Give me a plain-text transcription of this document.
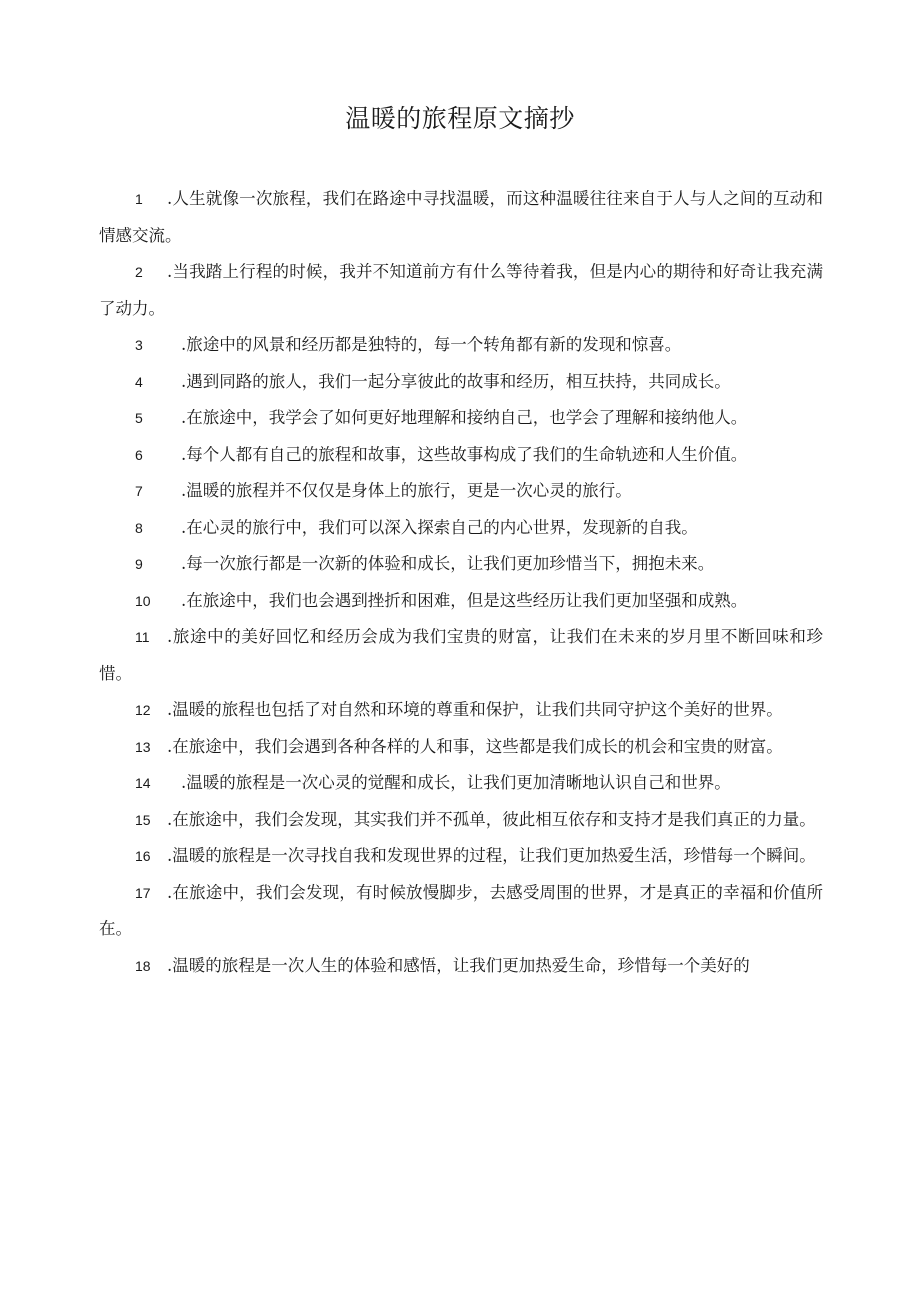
温暖的旅程原文摘抄

1 .人生就像一次旅程，我们在路途中寻找温暖，而这种温暖往往来自于人与人之间的互动和情感交流。

2 .当我踏上行程的时候，我并不知道前方有什么等待着我，但是内心的期待和好奇让我充满了动力。

3 .旅途中的风景和经历都是独特的，每一个转角都有新的发现和惊喜。

4 .遇到同路的旅人，我们一起分享彼此的故事和经历，相互扶持，共同成长。

5 .在旅途中，我学会了如何更好地理解和接纳自己，也学会了理解和接纳他人。

6 .每个人都有自己的旅程和故事，这些故事构成了我们的生命轨迹和人生价值。

7 .温暖的旅程并不仅仅是身体上的旅行，更是一次心灵的旅行。

8 .在心灵的旅行中，我们可以深入探索自己的内心世界，发现新的自我。

9 .每一次旅行都是一次新的体验和成长，让我们更加珍惜当下，拥抱未来。

10 .在旅途中，我们也会遇到挫折和困难，但是这些经历让我们更加坚强和成熟。

11 .旅途中的美好回忆和经历会成为我们宝贵的财富，让我们在未来的岁月里不断回味和珍惜。

12 .温暖的旅程也包括了对自然和环境的尊重和保护，让我们共同守护这个美好的世界。

13 .在旅途中，我们会遇到各种各样的人和事，这些都是我们成长的机会和宝贵的财富。

14 .温暖的旅程是一次心灵的觉醒和成长，让我们更加清晰地认识自己和世界。

15 .在旅途中，我们会发现，其实我们并不孤单，彼此相互依存和支持才是我们真正的力量。

16 .温暖的旅程是一次寻找自我和发现世界的过程，让我们更加热爱生活，珍惜每一个瞬间。

17 .在旅途中，我们会发现，有时候放慢脚步，去感受周围的世界，才是真正的幸福和价值所在。

18 .温暖的旅程是一次人生的体验和感悟，让我们更加热爱生命，珍惜每一个美好的
